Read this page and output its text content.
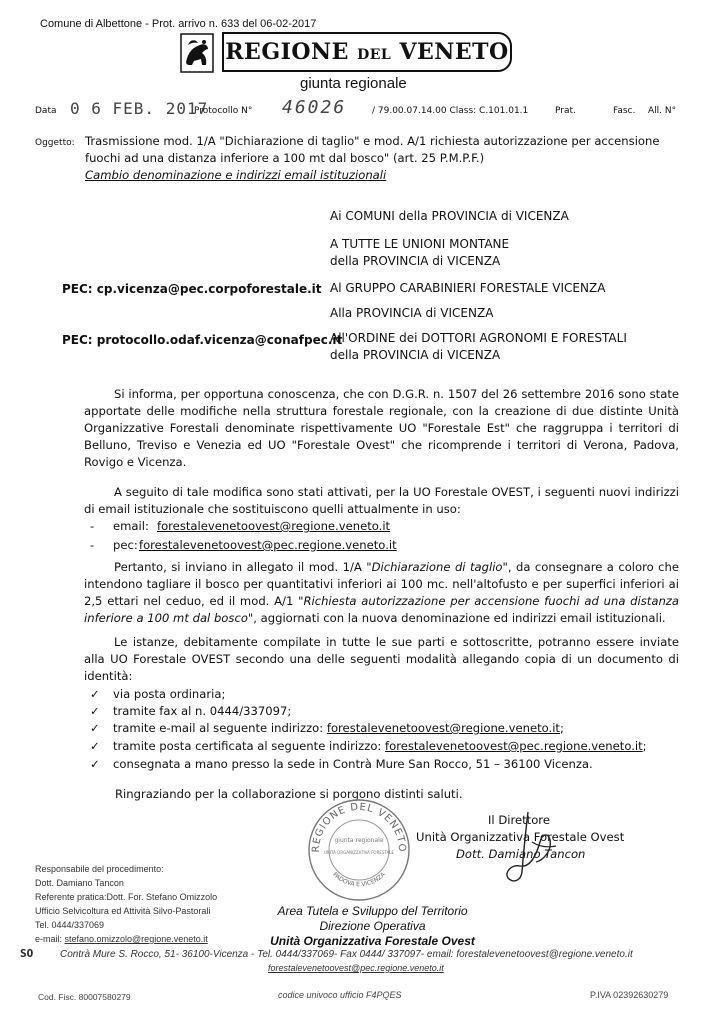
Comune di Albettone - Prot. arrivo n. 633 del 06-02-2017
REGIONE DEL VENETO
giunta regionale
Data 0 6 FEB. 2017
Protocollo N° 46026	/ 79.00.07.14.00 Class: C.101.01.1	Prat.	Fasc. All. N°
Oggetto: Trasmissione mod. 1/A "Dichiarazione di taglio" e mod. A/1 richiesta autorizzazione per accensione
fuochi ad una distanza inferiore a 100 mt dal bosco" (art. 25 P.M.P.F.)
Cambio denominazione e indirizzi email istituzionali
Ai COMUNI della PROVINCIA di VICENZA
A TUTTE LE UNIONI MONTANE
della PROVINCIA di VICENZA
PEC: cp.vicenza@pec.corpoforestale.it Al GRUPPO CARABINIERI FORESTALE VICENZA
Alla PROVINCIA di VICENZA
PEC: protocollo.odaf.vicenza@conafpec.it
All'ORDINE dei DOTTORI AGRONOMI E FORESTALI
della PROVINCIA di VICENZA
Si informa, per opportuna conoscenza, che con D.G.R. n. 1507 del 26 settembre 2016 sono state apportate delle modifiche nella struttura forestale regionale, con la creazione di due distinte Unità Organizzative Forestali denominate rispettivamente UO "Forestale Est" che raggruppa i territori di Belluno, Treviso e Venezia ed UO "Forestale Ovest" che ricomprende i territori di Verona, Padova, Rovigo e Vicenza.
A seguito di tale modifica sono stati attivati, per la UO Forestale OVEST, i seguenti nuovi indirizzi di email istituzionale che sostituiscono quelli attualmente in uso:
- email: forestalevenetoovest@regione.veneto.it
- pec: forestalevenetoovest@pec.regione.veneto.it
Pertanto, si inviano in allegato il mod. 1/A "Dichiarazione di taglio", da consegnare a coloro che intendono tagliare il bosco per quantitativi inferiori ai 100 mc. nell'altofusto e per superfici inferiori ai 2,5 ettari nel ceduo, ed il mod. A/1 "Richiesta autorizzazione per accensione fuochi ad una distanza inferiore a 100 mt dal bosco", aggiornati con la nuova denominazione ed indirizzi email istituzionali.
Le istanze, debitamente compilate in tutte le sue parti e sottoscritte, potranno essere inviate alla UO Forestale OVEST secondo una delle seguenti modalità allegando copia di un documento di identità:
✓ via posta ordinaria;
✓ tramite fax al n. 0444/337097;
✓ tramite e-mail al seguente indirizzo: forestalevenetoovest@regione.veneto.it;
✓ tramite posta certificata al seguente indirizzo: forestalevenetoovest@pec.regione.veneto.it;
✓ consegnata a mano presso la sede in Contrà Mure San Rocco, 51 – 36100 Vicenza.
Ringraziando per la collaborazione si porgono distinti saluti.
REGIONE DEL VENETO
PADOVA E VICENZA
giunta regionale
UNITÀ ORGANIZZATIVA FORESTALE
Il Direttore
Unità Organizzativa Forestale Ovest
Dott. Damiano Tancon
Responsabile del procedimento:
Dott. Damiano Tancon
Referente pratica:Dott. For. Stefano Omizzolo
Ufficio Selvicoltura ed Attività Silvo-Pastorali
Tel. 0444/337069
e-mail: stefano.omizzolo@regione.veneto.it
Area Tutela e Sviluppo del Territorio
Direzione Operativa
Unità Organizzativa Forestale Ovest
SO	Contrà Mure S. Rocco, 51- 36100-Vicenza - Tel. 0444/337069- Fax 0444/ 337097- email: forestalevenetoovest@regione.veneto.it
forestalevenetoovest@pec.regione.veneto.it
Cod. Fisc. 80007580279	codice univoco ufficio F4PQES	P.IVA 02392630279
